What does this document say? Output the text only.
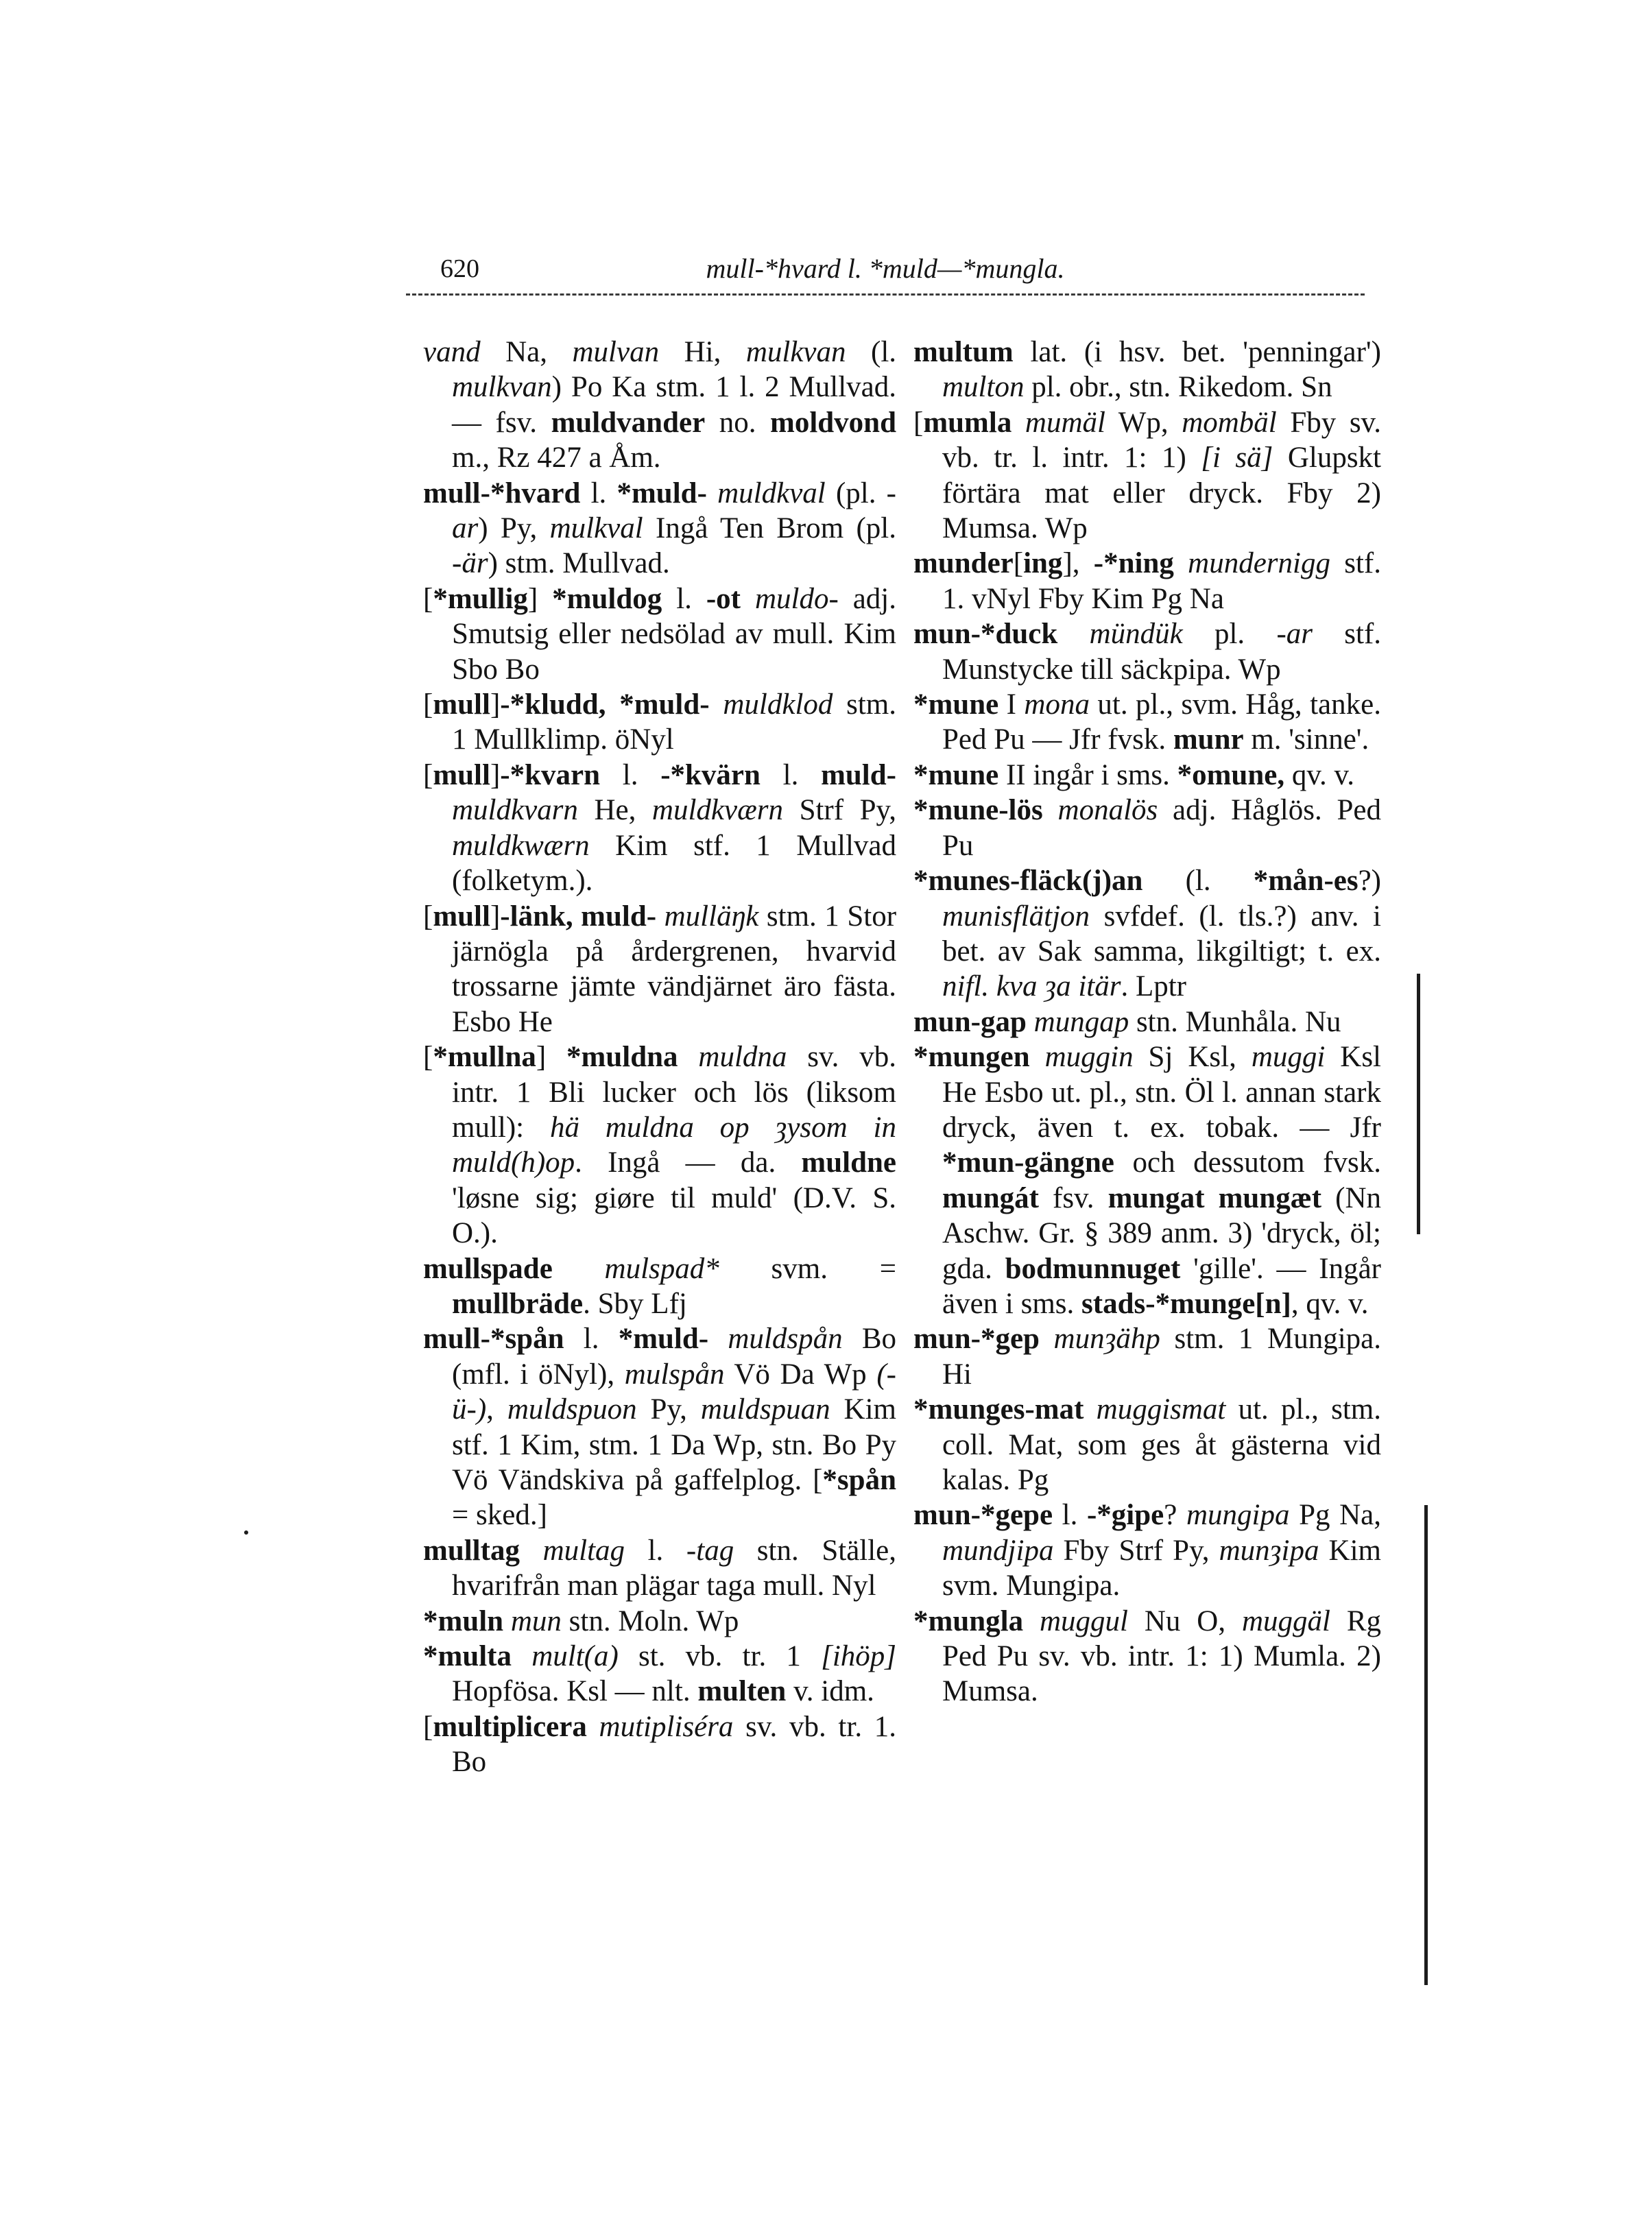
620	mull-*hvard l. *muld—*mungla.
vand Na, mulvan Hi, mulkvan (l. mulkvan) Po Ka stm. 1 l. 2 Mullvad. — fsv. muldvander no. moldvond m., Rz 427 a Åm.
mull-*hvard l. *muld- muldkval (pl. -ar) Py, mulkval Ingå Ten Brom (pl. -är) stm. Mullvad.
[*mullig] *muldog l. -ot muldo- adj. Smutsig eller nedsölad av mull. Kim Sbo Bo
[mull]-*kludd, *muld- muldklod stm. 1 Mullklimp. öNyl
[mull]-*kvarn l. -*kvärn l. muld- muldkvarn He, muldkværn Strf Py, muldkwærn Kim stf. 1 Mullvad (folketym.).
[mull]-länk, muld- mulläŋk stm. 1 Stor järnögla på årdergrenen, hvarvid trossarne jämte vändjärnet äro fästa. Esbo He
[*mullna] *muldna muldna sv. vb. intr. 1 Bli lucker och lös (liksom mull): hä muldna op ȝysom in muld(h)op. Ingå — da. muldne 'løsne sig; giøre til muld' (D.V. S. O.).
mullspade mulspad* svm. = mullbräde. Sby Lfj
mull-*spån l. *muld- muldspån Bo (mfl. i öNyl), mulspån Vö Da Wp (-ü-), muldspuon Py, muldspuan Kim stf. 1 Kim, stm. 1 Da Wp, stn. Bo Py Vö Vändskiva på gaffelplog. [*spån = sked.]
mulltag multag l. -tag stn. Ställe, hvarifrån man plägar taga mull. Nyl
*muln mun stn. Moln. Wp
*multa mult(a) st. vb. tr. 1 [ihöp] Hopfösa. Ksl — nlt. multen v. idm.
[multiplicera mutipliséra sv. vb. tr. 1. Bo
multum lat. (i hsv. bet. 'penningar') multon pl. obr., stn. Rikedom. Sn
[mumla mumäl Wp, mombäl Fby sv. vb. tr. l. intr. 1: 1) [i sä] Glupskt förtära mat eller dryck. Fby 2) Mumsa. Wp
munder[ing], -*ning mundernigg stf. 1. vNyl Fby Kim Pg Na
mun-*duck mündük pl. -ar stf. Munstycke till säckpipa. Wp
*mune I mona ut. pl., svm. Håg, tanke. Ped Pu — Jfr fvsk. munr m. 'sinne'.
*mune II ingår i sms. *omune, qv. v.
*mune-lös monalös adj. Håglös. Ped Pu
*munes-fläck(j)an (l. *mån-es?) munisflätjon svfdef. (l. tls.?) anv. i bet. av Sak samma, likgiltigt; t. ex. nifl. kva ȝa itär. Lptr
mun-gap mungap stn. Munhåla. Nu
*mungen muggin Sj Ksl, muggi Ksl He Esbo ut. pl., stn. Öl l. annan stark dryck, även t. ex. tobak. — Jfr *mun-gängne och dessutom fvsk. mungát fsv. mungat mungæt (Nn Aschw. Gr. § 389 anm. 3) 'dryck, öl; gda. bodmunnuget 'gille'. — Ingår även i sms. stads-*munge[n], qv. v.
mun-*gep munȝähp stm. 1 Mungipa. Hi
*munges-mat muggismat ut. pl., stm. coll. Mat, som ges åt gästerna vid kalas. Pg
mun-*gepe l. -*gipe? mungipa Pg Na, mundjipa Fby Strf Py, munȝipa Kim svm. Mungipa.
*mungla muggul Nu O, muggäl Rg Ped Pu sv. vb. intr. 1: 1) Mumla. 2) Mumsa.
